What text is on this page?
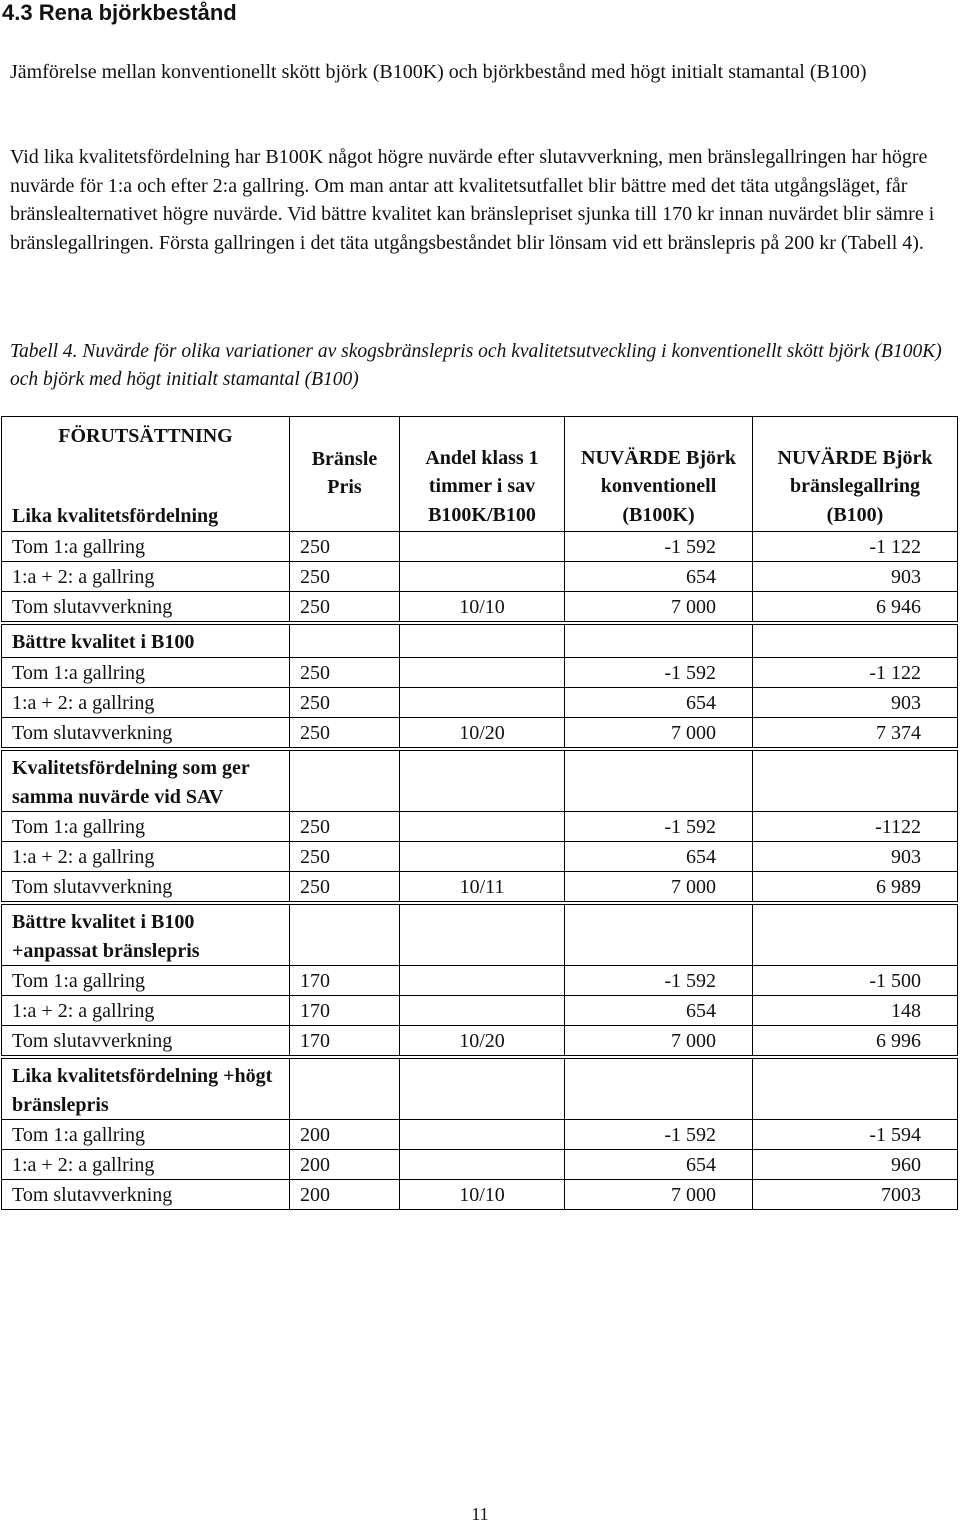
4.3 Rena björkbestånd

Jämförelse mellan konventionellt skött björk (B100K) och björkbestånd med högt initialt stamantal (B100)

Vid lika kvalitetsfördelning har B100K något högre nuvärde efter slutavverkning, men bränslegallringen har högre nuvärde för 1:a och efter 2:a gallring. Om man antar att kvalitetsutfallet blir bättre med det täta utgångsläget, får bränslealternativet högre nuvärde. Vid bättre kvalitet kan bränslepriset sjunka till 170 kr innan nuvärdet blir sämre i bränslegallringen. Första gallringen i det täta utgångsbeståndet blir lönsam vid ett bränslepris på 200 kr (Tabell 4).

Tabell 4. Nuvärde för olika variationer av skogsbränslepris och kvalitetsutveckling i konventionellt skött björk (B100K) och björk med högt initialt stamantal (B100)

FÖRUTSÄTTNING
Lika kvalitetsfördelning	Bränsle Pris	Andel klass 1 timmer i sav B100K/B100	NUVÄRDE Björk konventionell (B100K)	NUVÄRDE Björk bränslegallring (B100)
Tom 1:a gallring	250		-1 592	-1 122
1:a + 2: a gallring	250		654	903
Tom slutavverkning	250	10/10	7 000	6 946
Bättre kvalitet i B100				
Tom 1:a gallring	250		-1 592	-1 122
1:a + 2: a gallring	250		654	903
Tom slutavverkning	250	10/20	7 000	7 374
Kvalitetsfördelning som ger samma nuvärde vid SAV				
Tom 1:a gallring	250		-1 592	-1122
1:a + 2: a gallring	250		654	903
Tom slutavverkning	250	10/11	7 000	6 989
Bättre kvalitet i B100 +anpassat bränslepris				
Tom 1:a gallring	170		-1 592	-1 500
1:a + 2: a gallring	170		654	148
Tom slutavverkning	170	10/20	7 000	6 996
Lika kvalitetsfördelning +högt bränslepris				
Tom 1:a gallring	200		-1 592	-1 594
1:a + 2: a gallring	200		654	960
Tom slutavverkning	200	10/10	7 000	7003
11
